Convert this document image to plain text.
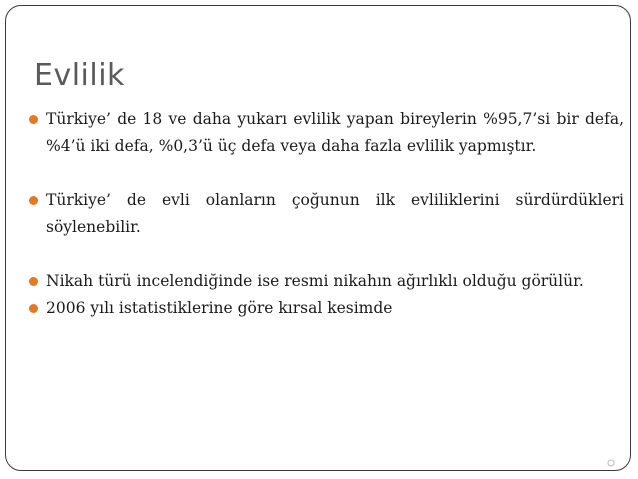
Evlilik
Türkiye’ de 18 ve daha yukarı evlilik yapan bireylerin %95,7’si bir defa, %4’ü iki defa, %0,3’ü üç defa veya daha fazla evlilik yapmıştır.
Türkiye’ de evli olanların çoğunun ilk evliliklerini sürdürdükleri söylenebilir.
Nikah türü incelendiğinde ise resmi nikahın ağırlıklı olduğu görülür.
2006 yılı istatistiklerine göre kırsal kesimde
